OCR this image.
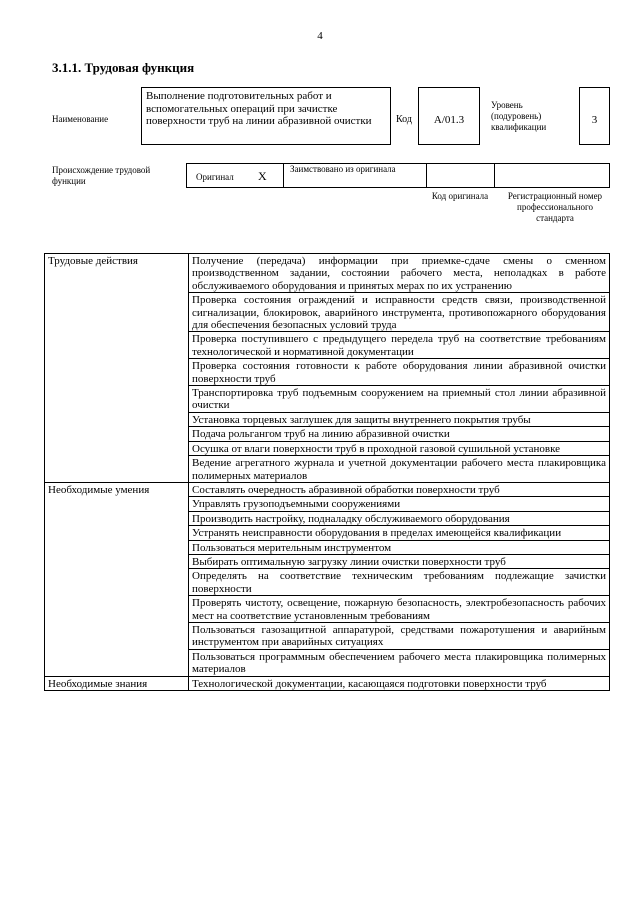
4
3.1.1. Трудовая функция
Наименование
Выполнение подготовительных работ и вспомогательных операций при зачистке поверхности труб на линии абразивной очистки	Код	A/01.3
Уровень (подуровень) квалификации
3
Происхождение трудовой функции	Оригинал X	Заимствовано из оригинала
Код оригинала	Регистрационный номер профессионального стандарта
Трудовые действия	Получение (передача) информации при приемке-сдаче смены о сменном производственном задании, состоянии рабочего места, неполадках в работе обслуживаемого оборудования и принятых мерах по их устранению
	Проверка состояния ограждений и исправности средств связи, производственной сигнализации, блокировок, аварийного инструмента, противопожарного оборудования для обеспечения безопасных условий труда
	Проверка поступившего с предыдущего передела труб на соответствие требованиям технологической и нормативной документации
	Проверка состояния готовности к работе оборудования линии абразивной очистки поверхности труб
	Транспортировка труб подъемным сооружением на приемный стол линии абразивной очистки
	Установка торцевых заглушек для защиты внутреннего покрытия трубы
	Подача рольгангом труб на линию абразивной очистки
	Осушка от влаги поверхности труб в проходной газовой сушильной установке
	Ведение агрегатного журнала и учетной документации рабочего места плакировщика полимерных материалов
Необходимые умения	Составлять очередность абразивной обработки поверхности труб
	Управлять грузоподъемными сооружениями
	Производить настройку, подналадку обслуживаемого оборудования
	Устранять неисправности оборудования в пределах имеющейся квалификации
	Пользоваться мерительным инструментом
	Выбирать оптимальную загрузку линии очистки поверхности труб
	Определять на соответствие техническим требованиям подлежащие зачистки поверхности
	Проверять чистоту, освещение, пожарную безопасность, электробезопасность рабочих мест на соответствие установленным требованиям
	Пользоваться газозащитной аппаратурой, средствами пожаротушения и аварийным инструментом при аварийных ситуациях
	Пользоваться программным обеспечением рабочего места плакировщика полимерных материалов
Необходимые знания	Технологической документации, касающаяся подготовки поверхности труб
